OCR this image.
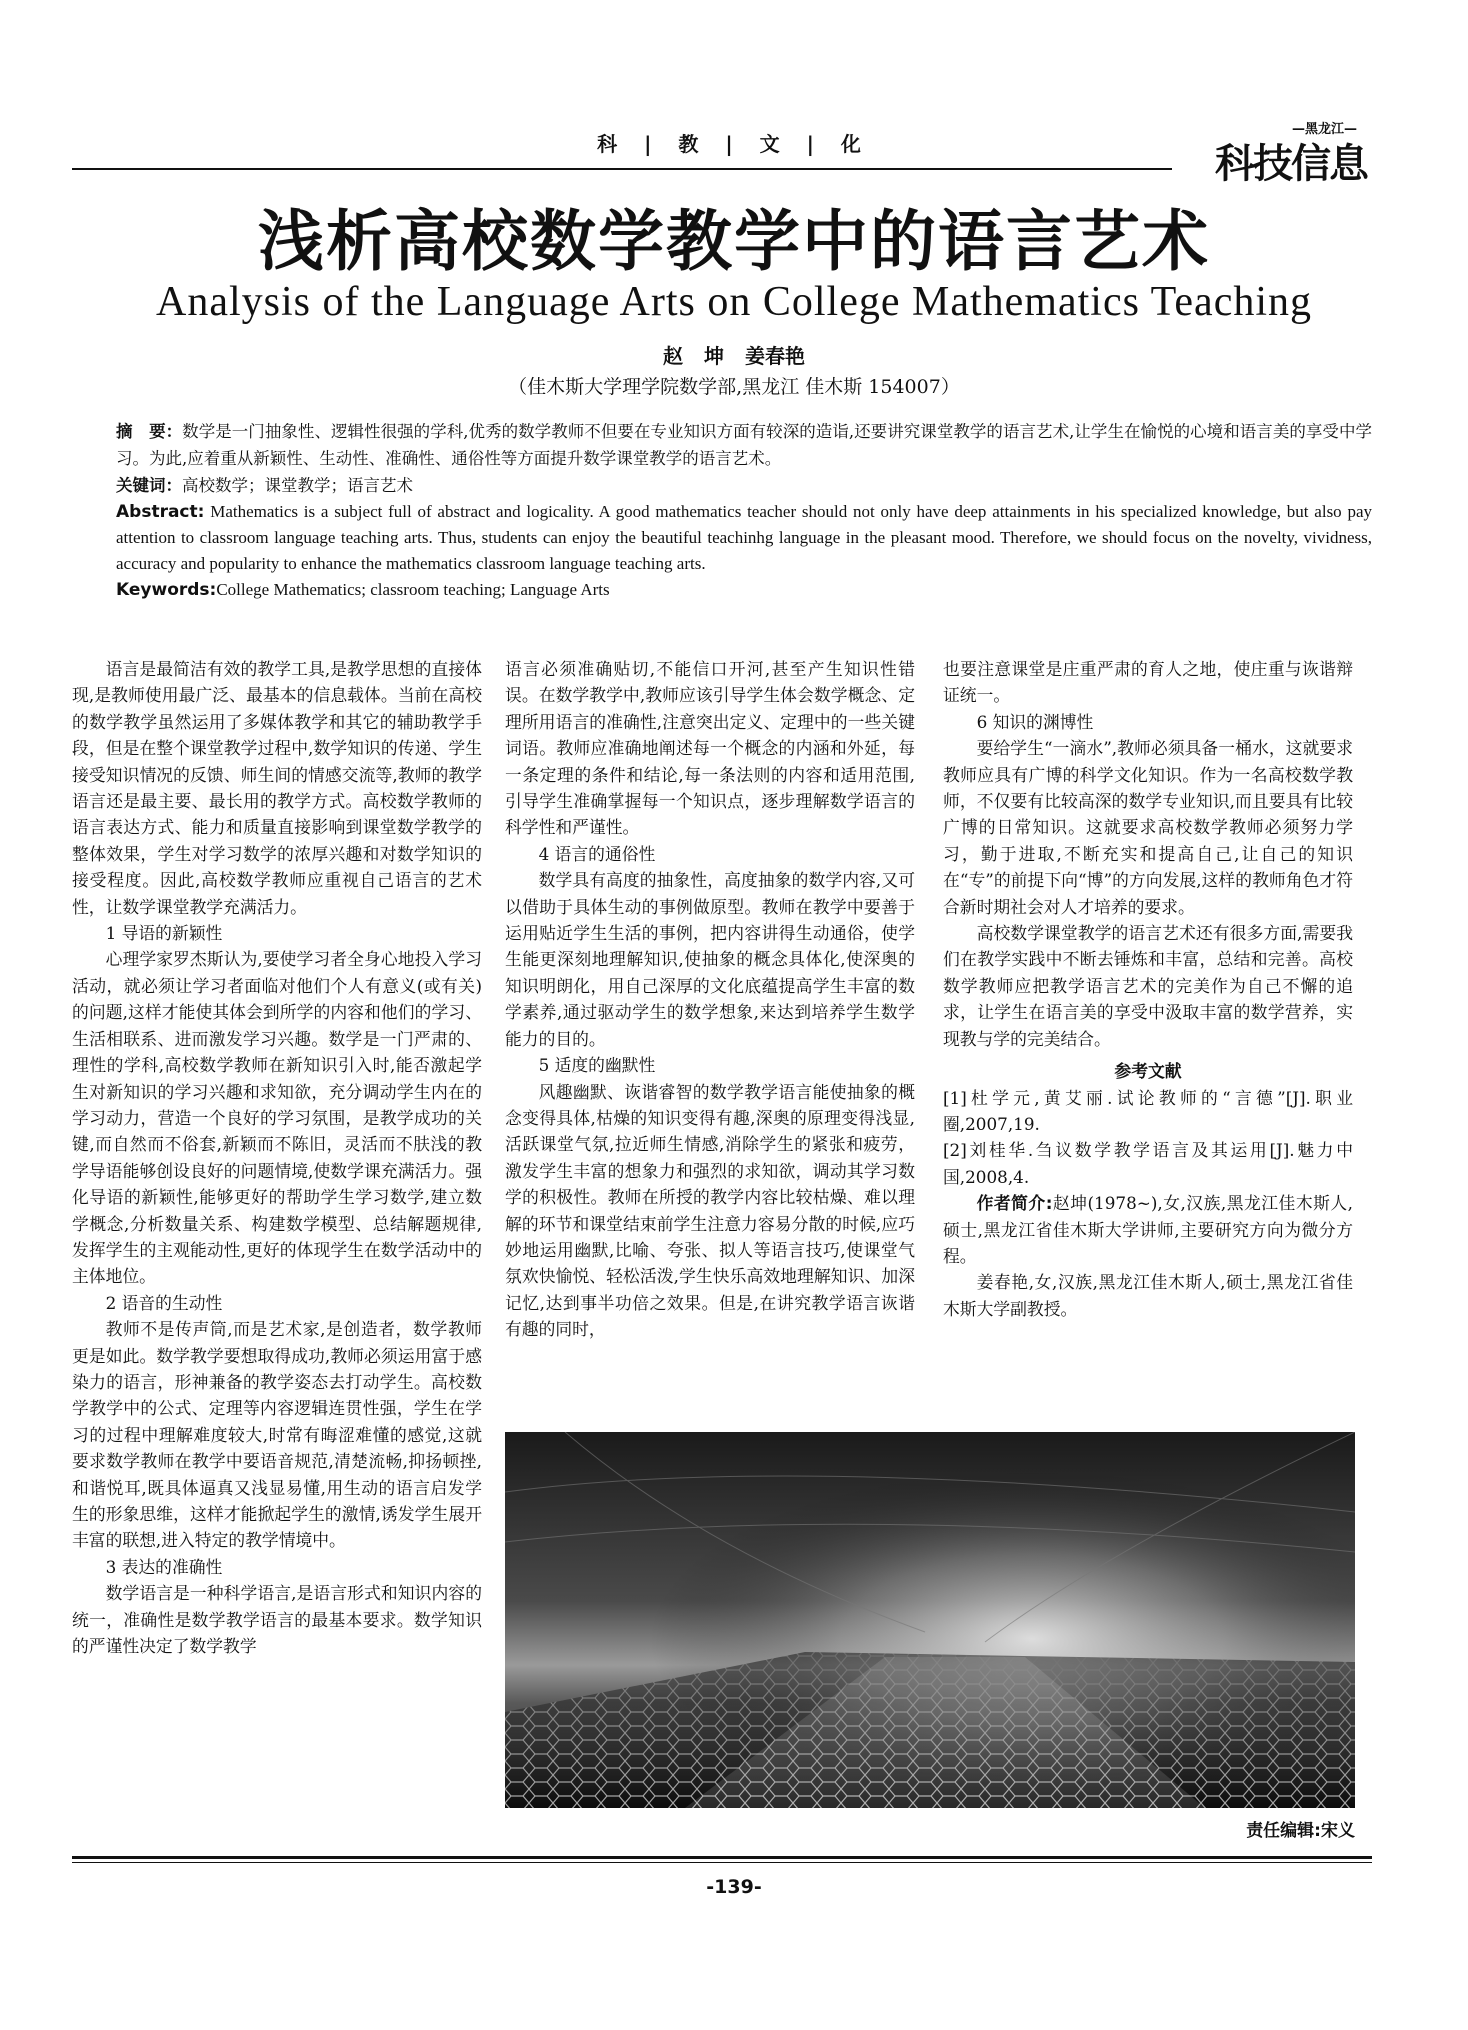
科 | 教 | 文 | 化
—黑龙江—
科技信息
浅析高校数学教学中的语言艺术
Analysis of the Language Arts on College Mathematics Teaching
赵 坤 姜春艳
（佳木斯大学理学院数学部,黑龙江 佳木斯 154007）

摘　要：数学是一门抽象性、逻辑性很强的学科,优秀的数学教师不但要在专业知识方面有较深的造诣,还要讲究课堂教学的语言艺术,让学生在愉悦的心境和语言美的享受中学习。为此,应着重从新颖性、生动性、准确性、通俗性等方面提升数学课堂教学的语言艺术。

关键词：高校数学；课堂教学；语言艺术

Abstract: Mathematics is a subject full of abstract and logicality. A good mathematics teacher should not only have deep attainments in his specialized knowledge, but also pay attention to classroom language teaching arts. Thus, students can enjoy the beautiful teachinhg language in the pleasant mood. Therefore, we should focus on the novelty, vividness, accuracy and popularity to enhance the mathematics classroom language teaching arts.

Keywords:College Mathematics; classroom teaching; Language Arts

语言是最简洁有效的教学工具,是教学思想的直接体现,是教师使用最广泛、最基本的信息载体。当前在高校的数学教学虽然运用了多媒体教学和其它的辅助教学手段，但是在整个课堂教学过程中,数学知识的传递、学生接受知识情况的反馈、师生间的情感交流等,教师的教学语言还是最主要、最长用的教学方式。高校数学教师的语言表达方式、能力和质量直接影响到课堂数学教学的整体效果，学生对学习数学的浓厚兴趣和对数学知识的接受程度。因此,高校数学教师应重视自己语言的艺术性，让数学课堂教学充满活力。

1 导语的新颖性

心理学家罗杰斯认为,要使学习者全身心地投入学习活动，就必须让学习者面临对他们个人有意义(或有关)的问题,这样才能使其体会到所学的内容和他们的学习、生活相联系、进而激发学习兴趣。数学是一门严肃的、理性的学科,高校数学教师在新知识引入时,能否激起学生对新知识的学习兴趣和求知欲，充分调动学生内在的学习动力，营造一个良好的学习氛围，是教学成功的关键,而自然而不俗套,新颖而不陈旧，灵活而不肤浅的教学导语能够创设良好的问题情境,使数学课充满活力。强化导语的新颖性,能够更好的帮助学生学习数学,建立数学概念,分析数量关系、构建数学模型、总结解题规律,发挥学生的主观能动性,更好的体现学生在数学活动中的主体地位。

2 语音的生动性

教师不是传声筒,而是艺术家,是创造者，数学教师更是如此。数学教学要想取得成功,教师必须运用富于感染力的语言，形神兼备的教学姿态去打动学生。高校数学教学中的公式、定理等内容逻辑连贯性强，学生在学习的过程中理解难度较大,时常有晦涩难懂的感觉,这就要求数学教师在教学中要语音规范,清楚流畅,抑扬顿挫,和谐悦耳,既具体逼真又浅显易懂,用生动的语言启发学生的形象思维，这样才能掀起学生的激情,诱发学生展开丰富的联想,进入特定的教学情境中。

3 表达的准确性

数学语言是一种科学语言,是语言形式和知识内容的统一，准确性是数学教学语言的最基本要求。数学知识的严谨性决定了数学教学

语言必须准确贴切,不能信口开河,甚至产生知识性错误。在数学教学中,教师应该引导学生体会数学概念、定理所用语言的准确性,注意突出定义、定理中的一些关键词语。教师应准确地阐述每一个概念的内涵和外延，每一条定理的条件和结论,每一条法则的内容和适用范围,引导学生准确掌握每一个知识点，逐步理解数学语言的科学性和严谨性。

4 语言的通俗性

数学具有高度的抽象性，高度抽象的数学内容,又可以借助于具体生动的事例做原型。教师在教学中要善于运用贴近学生生活的事例，把内容讲得生动通俗，使学生能更深刻地理解知识,使抽象的概念具体化,使深奥的知识明朗化，用自己深厚的文化底蕴提高学生丰富的数学素养,通过驱动学生的数学想象,来达到培养学生数学能力的目的。

5 适度的幽默性

风趣幽默、诙谐睿智的数学教学语言能使抽象的概念变得具体,枯燥的知识变得有趣,深奥的原理变得浅显,活跃课堂气氛,拉近师生情感,消除学生的紧张和疲劳，激发学生丰富的想象力和强烈的求知欲，调动其学习数学的积极性。教师在所授的教学内容比较枯燥、难以理解的环节和课堂结束前学生注意力容易分散的时候,应巧妙地运用幽默,比喻、夸张、拟人等语言技巧,使课堂气氛欢快愉悦、轻松活泼,学生快乐高效地理解知识、加深记忆,达到事半功倍之效果。但是,在讲究教学语言诙谐有趣的同时，

也要注意课堂是庄重严肃的育人之地，使庄重与诙谐辩证统一。

6 知识的渊博性

要给学生“一滴水”,教师必须具备一桶水，这就要求教师应具有广博的科学文化知识。作为一名高校数学教师，不仅要有比较高深的数学专业知识,而且要具有比较广博的日常知识。这就要求高校数学教师必须努力学习，勤于进取,不断充实和提高自己,让自己的知识在“专”的前提下向“博”的方向发展,这样的教师角色才符合新时期社会对人才培养的要求。

高校数学课堂教学的语言艺术还有很多方面,需要我们在教学实践中不断去锤炼和丰富，总结和完善。高校数学教师应把教学语言艺术的完美作为自己不懈的追求，让学生在语言美的享受中汲取丰富的数学营养，实现教与学的完美结合。

参考文献

[1]杜学元,黄艾丽.试论教师的“言德”[J].职业圈,2007,19.

[2]刘桂华.刍议数学教学语言及其运用[J].魅力中国,2008,4.

作者简介:赵坤(1978~),女,汉族,黑龙江佳木斯人,硕士,黑龙江省佳木斯大学讲师,主要研究方向为微分方程。

姜春艳,女,汉族,黑龙江佳木斯人,硕士,黑龙江省佳木斯大学副教授。

责任编辑:宋义
-139-
